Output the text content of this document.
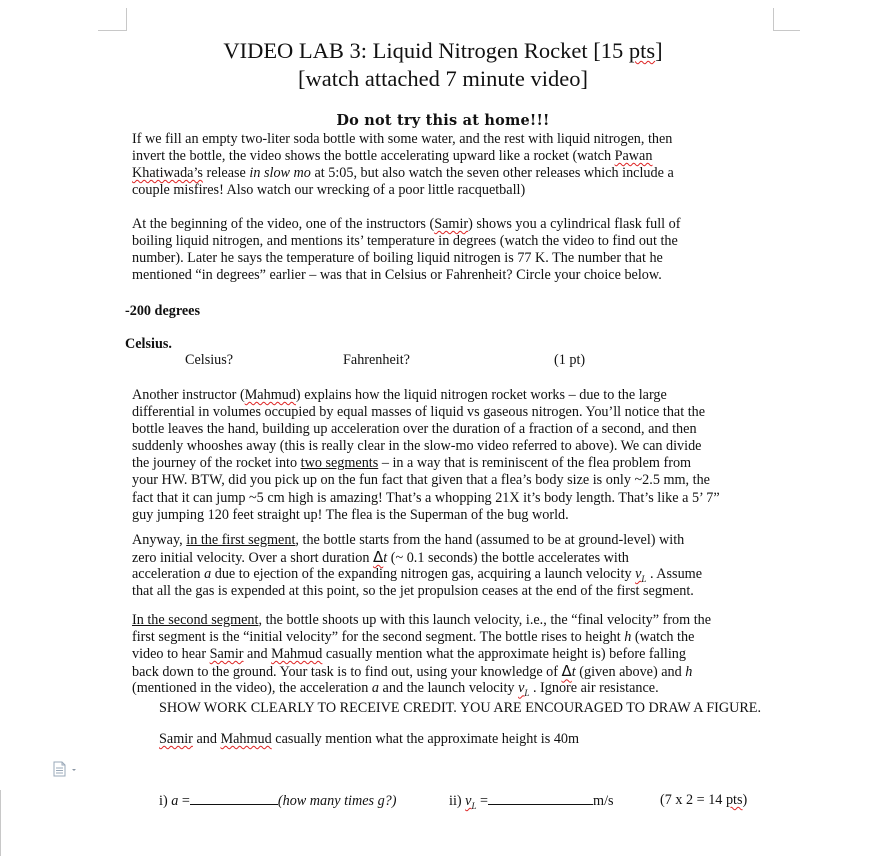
VIDEO LAB 3: Liquid Nitrogen Rocket [15 pts]
[watch attached 7 minute video]
Do not try this at home!!!
If we fill an empty two-liter soda bottle with some water, and the rest with liquid nitrogen, then
invert the bottle, the video shows the bottle accelerating upward like a rocket (watch Pawan
Khatiwada’s release in slow mo at 5:05, but also watch the seven other releases which include a
couple misfires! Also watch our wrecking of a poor little racquetball)
At the beginning of the video, one of the instructors (Samir) shows you a cylindrical flask full of
boiling liquid nitrogen, and mentions its’ temperature in degrees (watch the video to find out the
number). Later he says the temperature of boiling liquid nitrogen is 77 K. The number that he
mentioned “in degrees” earlier – was that in Celsius or Fahrenheit? Circle your choice below.
-200 degrees
Celsius.
Celsius?	Fahrenheit?	(1 pt)
Another instructor (Mahmud) explains how the liquid nitrogen rocket works – due to the large
differential in volumes occupied by equal masses of liquid vs gaseous nitrogen. You’ll notice that the
bottle leaves the hand, building up acceleration over the duration of a fraction of a second, and then
suddenly whooshes away (this is really clear in the slow-mo video referred to above). We can divide
the journey of the rocket into two segments – in a way that is reminiscent of the flea problem from
your HW. BTW, did you pick up on the fun fact that given that a flea’s body size is only ~2.5 mm, the
fact that it can jump ~5 cm high is amazing! That’s a whopping 21X it’s body length. That’s like a 5’ 7”
guy jumping 120 feet straight up! The flea is the Superman of the bug world.
Anyway, in the first segment, the bottle starts from the hand (assumed to be at ground-level) with
zero initial velocity. Over a short duration Δt (~ 0.1 seconds) the bottle accelerates with
acceleration a due to ejection of the expanding nitrogen gas, acquiring a launch velocity $v_L$ . Assume
that all the gas is expended at this point, so the jet propulsion ceases at the end of the first segment.
In the second segment, the bottle shoots up with this launch velocity, i.e., the “final velocity” from the
first segment is the “initial velocity” for the second segment. The bottle rises to height h (watch the
video to hear Samir and Mahmud casually mention what the approximate height is) before falling
back down to the ground. Your task is to find out, using your knowledge of Δt (given above) and h
(mentioned in the video), the acceleration a and the launch velocity $v_L$ . Ignore air resistance.
SHOW WORK CLEARLY TO RECEIVE CREDIT. YOU ARE ENCOURAGED TO DRAW A FIGURE.
Samir and Mahmud casually mention what the approximate height is 40m
i) a =	(how many times g?)	ii) $v_L$ =	m/s	(7 x 2 = 14 pts)
